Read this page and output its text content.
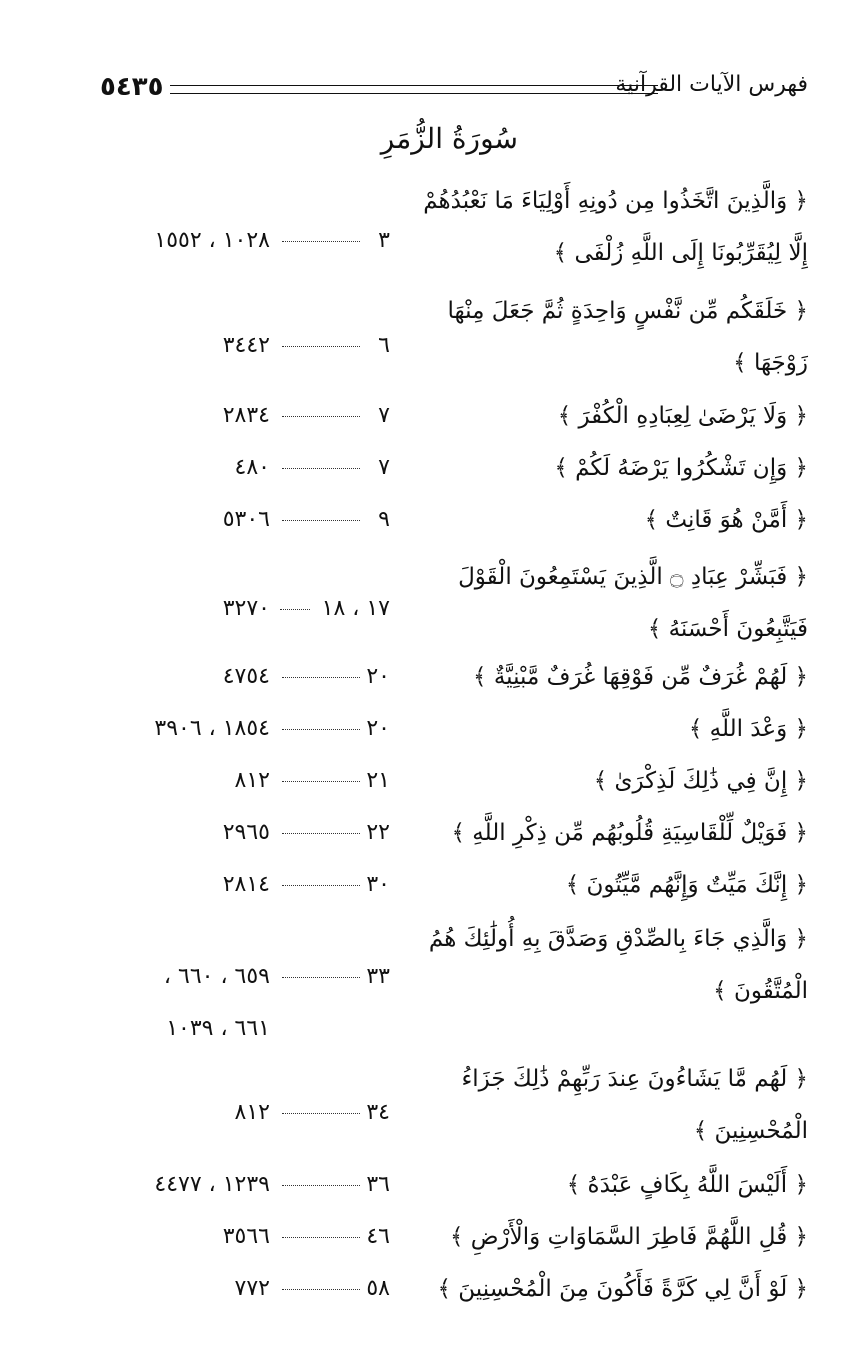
٥٤٣٥	فهرس الآيات القرآنية
سُورَةُ الزُّمَرِ
﴿ وَالَّذِينَ اتَّخَذُوا مِن دُونِهِ أَوْلِيَاءَ مَا نَعْبُدُهُمْ إِلَّا لِيُقَرِّبُونَا إِلَى اللَّهِ زُلْفَى ﴾
٣
١٠٢٨ ، ١٥٥٢
﴿ خَلَقَكُم مِّن نَّفْسٍ وَاحِدَةٍ ثُمَّ جَعَلَ مِنْهَا زَوْجَهَا ﴾
٦
٣٤٤٢
﴿ وَلَا يَرْضَىٰ لِعِبَادِهِ الْكُفْرَ ﴾
٧
٢٨٣٤
﴿ وَإِن تَشْكُرُوا يَرْضَهُ لَكُمْ ﴾
٧
٤٨٠
﴿ أَمَّنْ هُوَ قَانِتٌ ﴾
٩
٥٣٠٦
﴿ فَبَشِّرْ عِبَادِ ۝ الَّذِينَ يَسْتَمِعُونَ الْقَوْلَ فَيَتَّبِعُونَ أَحْسَنَهُ ﴾
١٧ ، ١٨
٣٢٧٠
﴿ لَهُمْ غُرَفٌ مِّن فَوْقِهَا غُرَفٌ مَّبْنِيَّةٌ ﴾
٢٠
٤٧٥٤
﴿ وَعْدَ اللَّهِ ﴾
٢٠
١٨٥٤ ، ٣٩٠٦
﴿ إِنَّ فِي ذَٰلِكَ لَذِكْرَىٰ ﴾
٢١
٨١٢
﴿ فَوَيْلٌ لِّلْقَاسِيَةِ قُلُوبُهُم مِّن ذِكْرِ اللَّهِ ﴾
٢٢
٢٩٦٥
﴿ إِنَّكَ مَيِّتٌ وَإِنَّهُم مَّيِّتُونَ ﴾
٣٠
٢٨١٤
﴿ وَالَّذِي جَاءَ بِالصِّدْقِ وَصَدَّقَ بِهِ أُولَٰئِكَ هُمُ الْمُتَّقُونَ ﴾
٣٣
٦٥٩ ، ٦٦٠ ،
٦٦١ ، ١٠٣٩
﴿ لَهُم مَّا يَشَاءُونَ عِندَ رَبِّهِمْ ذَٰلِكَ جَزَاءُ الْمُحْسِنِينَ ﴾
٣٤
٨١٢
﴿ أَلَيْسَ اللَّهُ بِكَافٍ عَبْدَهُ ﴾
٣٦
١٢٣٩ ، ٤٤٧٧
﴿ قُلِ اللَّهُمَّ فَاطِرَ السَّمَاوَاتِ وَالْأَرْضِ ﴾
٤٦
٣٥٦٦
﴿ لَوْ أَنَّ لِي كَرَّةً فَأَكُونَ مِنَ الْمُحْسِنِينَ ﴾
٥٨
٧٧٢
